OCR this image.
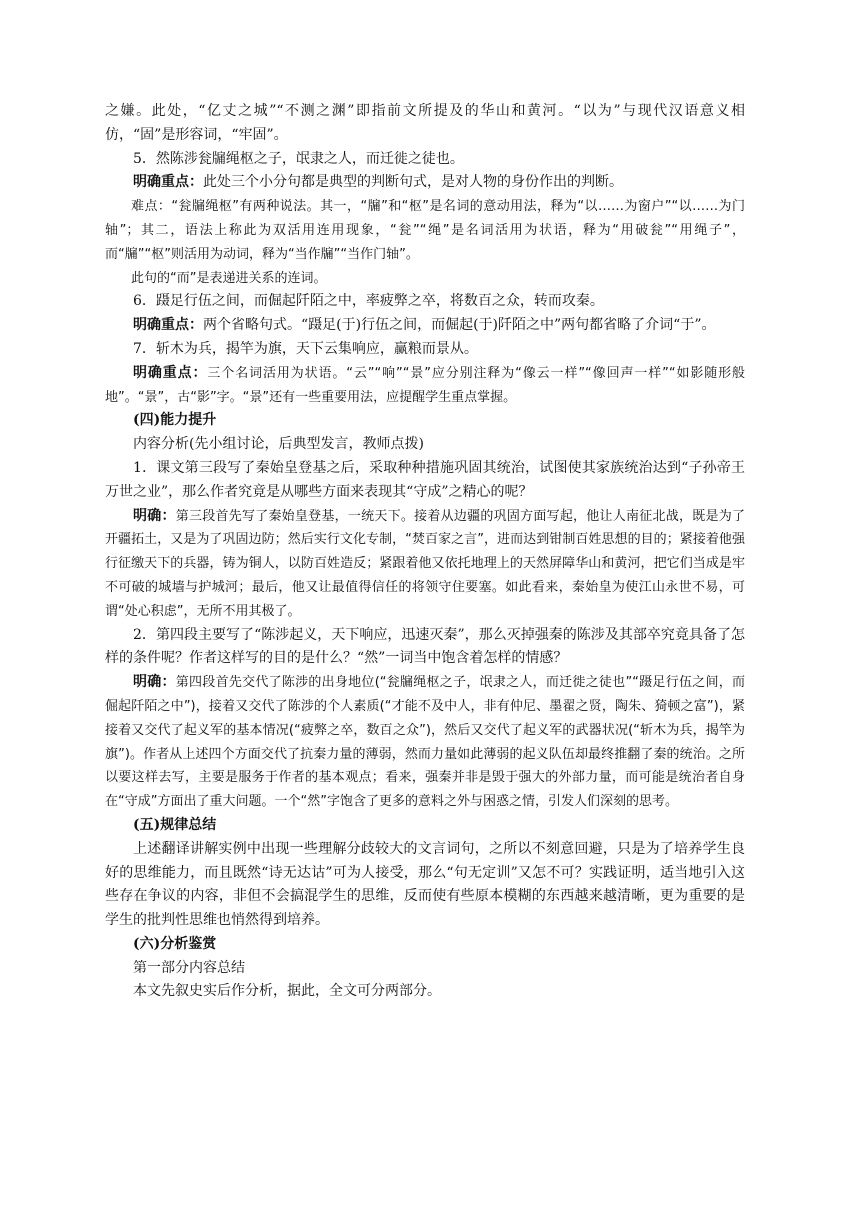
之嫌。此处，“亿丈之城”“不测之渊”即指前文所提及的华山和黄河。“以为”与现代汉语意义相仿，“固”是形容词，“牢固”。

5．然陈涉瓮牖绳枢之子，氓隶之人，而迁徙之徒也。

明确重点：此处三个小分句都是典型的判断句式，是对人物的身份作出的判断。

难点：“瓮牖绳枢”有两种说法。其一，“牖”和“枢”是名词的意动用法，释为“以……为窗户”“以……为门轴”；其二，语法上称此为双活用连用现象，“瓮”“绳”是名词活用为状语，释为“用破瓮”“用绳子”，而“牖”“枢”则活用为动词，释为“当作牖”“当作门轴”。

此句的“而”是表递进关系的连词。

6．蹑足行伍之间，而倔起阡陌之中，率疲弊之卒，将数百之众，转而攻秦。

明确重点：两个省略句式。“蹑足(于)行伍之间，而倔起(于)阡陌之中”两句都省略了介词“于”。

7．斩木为兵，揭竿为旗，天下云集响应，赢粮而景从。

明确重点：三个名词活用为状语。“云”“响”“景”应分别注释为“像云一样”“像回声一样”“如影随形般地”。“景”，古“影”字。“景”还有一些重要用法，应提醒学生重点掌握。

(四)能力提升

内容分析(先小组讨论，后典型发言，教师点拨)

1．课文第三段写了秦始皇登基之后，采取种种措施巩固其统治，试图使其家族统治达到“子孙帝王万世之业”，那么作者究竟是从哪些方面来表现其“守成”之精心的呢？

明确：第三段首先写了秦始皇登基，一统天下。接着从边疆的巩固方面写起，他让人南征北战，既是为了开疆拓土，又是为了巩固边防；然后实行文化专制，“焚百家之言”，进而达到钳制百姓思想的目的；紧接着他强行征缴天下的兵器，铸为铜人，以防百姓造反；紧跟着他又依托地理上的天然屏障华山和黄河，把它们当成是牢不可破的城墙与护城河；最后，他又让最值得信任的将领守住要塞。如此看来，秦始皇为使江山永世不易，可谓“处心积虑”，无所不用其极了。

2．第四段主要写了“陈涉起义，天下响应，迅速灭秦”，那么灭掉强秦的陈涉及其部卒究竟具备了怎样的条件呢？作者这样写的目的是什么？“然”一词当中饱含着怎样的情感？

明确：第四段首先交代了陈涉的出身地位(“瓮牖绳枢之子，氓隶之人，而迁徙之徒也”“蹑足行伍之间，而倔起阡陌之中”)，接着又交代了陈涉的个人素质(“才能不及中人，非有仲尼、墨翟之贤，陶朱、猗顿之富”)，紧接着又交代了起义军的基本情况(“疲弊之卒，数百之众”)，然后又交代了起义军的武器状况(“斩木为兵，揭竿为旗”)。作者从上述四个方面交代了抗秦力量的薄弱，然而力量如此薄弱的起义队伍却最终推翻了秦的统治。之所以要这样去写，主要是服务于作者的基本观点；看来，强秦并非是毁于强大的外部力量，而可能是统治者自身在“守成”方面出了重大问题。一个“然”字饱含了更多的意料之外与困惑之情，引发人们深刻的思考。

(五)规律总结

上述翻译讲解实例中出现一些理解分歧较大的文言词句，之所以不刻意回避，只是为了培养学生良好的思维能力，而且既然“诗无达诂”可为人接受，那么“句无定训”又怎不可？实践证明，适当地引入这些存在争议的内容，非但不会搞混学生的思维，反而使有些原本模糊的东西越来越清晰，更为重要的是学生的批判性思维也悄然得到培养。

(六)分析鉴赏

第一部分内容总结

本文先叙史实后作分析，据此，全文可分两部分。
